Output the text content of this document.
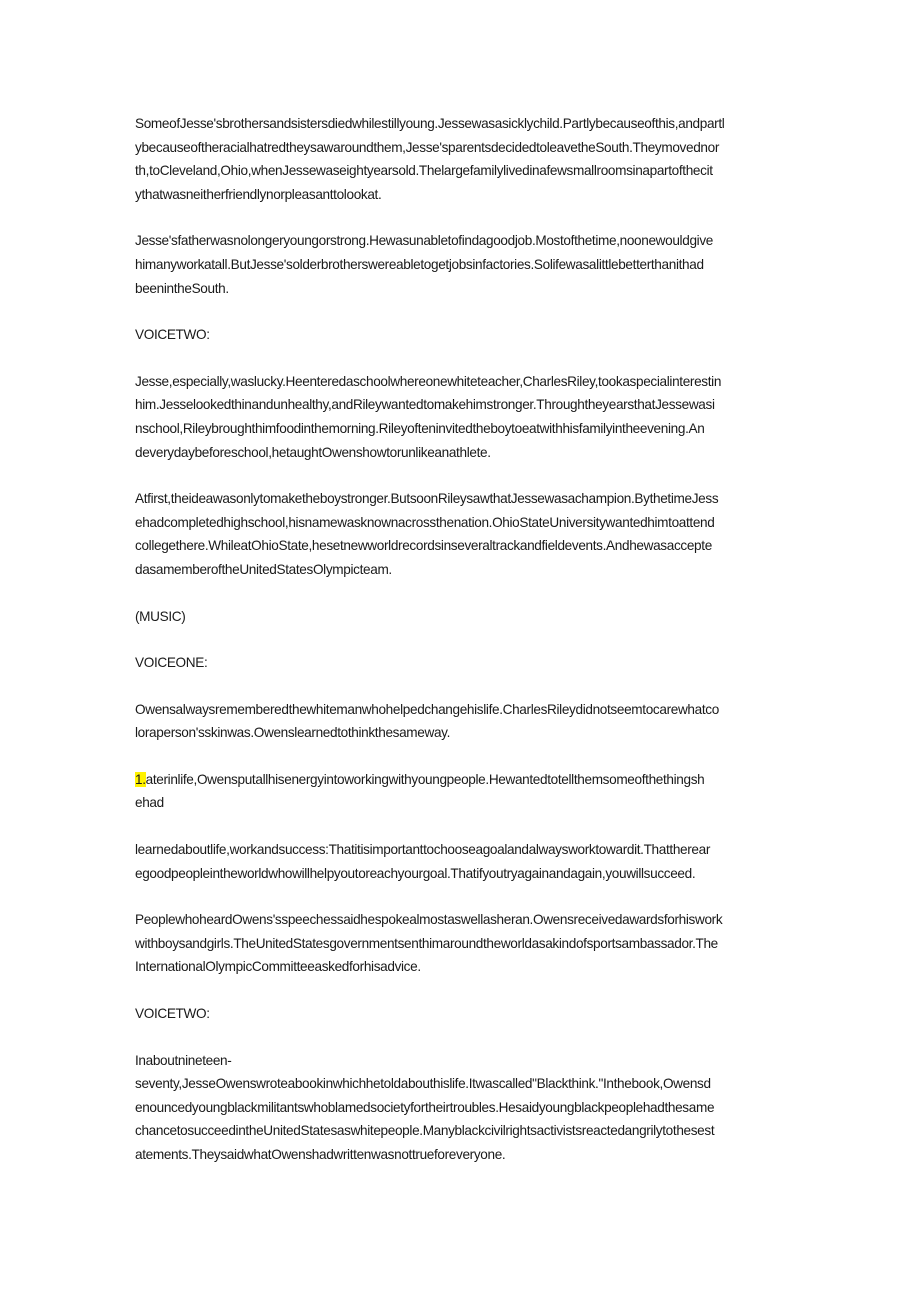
SomeofJesse'sbrothersandsistersdiedwhilestillyoung.Jessewasasicklychild.Partlybecauseofthis,andpartl
ybecauseoftheracialhatredtheysawaroundthem,Jesse'sparentsdecidedtoleavetheSouth.Theymovednor
th,toCleveland,Ohio,whenJessewaseightyearsold.Thelargefamilylivedinafewsmallroomsinapartofthecit
ythatwasneitherfriendlynorpleasanttolookat.

Jesse'sfatherwasnolongeryoungorstrong.Hewasunabletofindagoodjob.Mostofthetime,noonewouldgive
himanyworkatall.ButJesse'solderbrotherswereabletogetjobsinfactories.Solifewasalittlebetterthanithad
beenintheSouth.

VOICETWO:

Jesse,especially,waslucky.Heenteredaschoolwhereonewhiteteacher,CharlesRiley,tookaspecialinterestin
him.Jesselookedthinandunhealthy,andRileywantedtomakehimstronger.ThroughtheyearsthatJessewasi
nschool,Rileybroughthimfoodinthemorning.Rileyofteninvitedtheboytoeatwithhisfamilyintheevening.An
deverydaybeforeschool,hetaughtOwenshowtorunlikeanathlete.

Atfirst,theideawasonlytomaketheboystronger.ButsoonRileysawthatJessewasachampion.BythetimeJess
ehadcompletedhighschool,hisnamewasknownacrossthenation.OhioStateUniversitywantedhimtoattend
collegethere.WhileatOhioState,hesetnewworldrecordsinseveraltrackandfieldevents.Andhewasaccepte
dasamemberoftheUnitedStatesOlympicteam.

(MUSIC)

VOICEONE:

Owensalwaysrememberedthewhitemanwhohelpedchangehislife.CharlesRileydidnotseemtocarewhatco
loraperson'sskinwas.Owenslearnedtothinkthesameway.

1.aterinlife,Owensputallhisenergyintoworkingwithyoungpeople.Hewantedtotellthemsomeofthethingsh
ehad

learnedaboutlife,workandsuccess:Thatitisimportanttochooseagoalandalwaysworktowardit.Thattherear
egoodpeopleintheworldwhowillhelpyoutoreachyourgoal.Thatifyoutryagainandagain,youwillsucceed.

PeoplewhoheardOwens'sspeechessaidhespokealmostaswellasheran.Owensreceivedawardsforhiswork
withboysandgirls.TheUnitedStatesgovernmentsenthimaroundtheworldasakindofsportsambassador.The
InternationalOlympicCommitteeaskedforhisadvice.

VOICETWO:

Inaboutnineteen-
seventy,JesseOwenswroteabookinwhichhetoldabouthislife.Itwascalled"Blackthink."Inthebook,Owensd
enouncedyoungblackmilitantswhoblamedsocietyfortheirtroubles.Hesaidyoungblackpeoplehadthesame
chancetosucceedintheUnitedStatesaswhitepeople.Manyblackcivilrightsactivistsreactedangrilytothesest
atements.TheysaidwhatOwenshadwrittenwasnottrueforeveryone.
